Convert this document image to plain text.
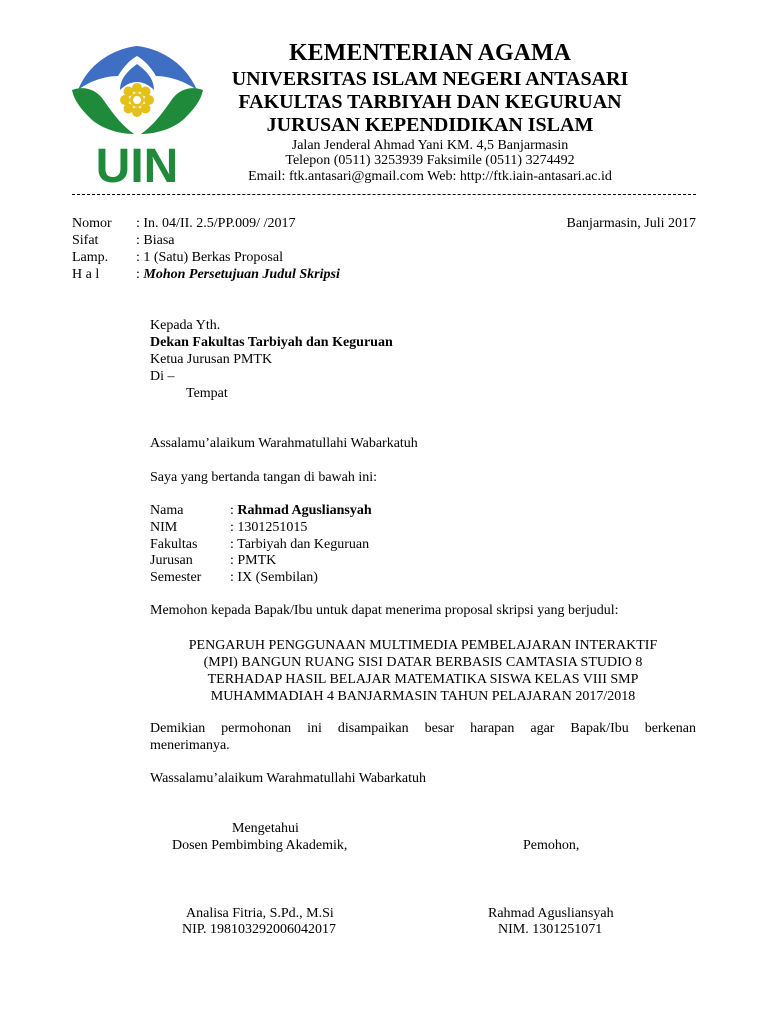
UIN
KEMENTERIAN AGAMA
UNIVERSITAS ISLAM NEGERI ANTASARI
FAKULTAS TARBIYAH DAN KEGURUAN
JURUSAN KEPENDIDIKAN ISLAM
Jalan Jenderal Ahmad Yani KM. 4,5 Banjarmasin
Telepon (0511) 3253939 Faksimile (0511) 3274492
Email: ftk.antasari@gmail.com Web: http://ftk.iain-antasari.ac.id
Nomor : In. 04/II. 2.5/PP.009/ /2017	Banjarmasin, Juli 2017
Sifat	: Biasa
Lamp. : 1 (Satu) Berkas Proposal
H a l	: Mohon Persetujuan Judul Skripsi
Kepada Yth.
Dekan Fakultas Tarbiyah dan Keguruan
Ketua Jurusan PMTK
Di –
Tempat
Assalamu’alaikum Warahmatullahi Wabarkatuh
Saya yang bertanda tangan di bawah ini:
Nama	: Rahmad Agusliansyah
NIM	: 1301251015
Fakultas : Tarbiyah dan Keguruan
Jurusan	: PMTK
Semester : IX (Sembilan)
Memohon kepada Bapak/Ibu untuk dapat menerima proposal skripsi yang berjudul:
PENGARUH PENGGUNAAN MULTIMEDIA PEMBELAJARAN INTERAKTIF
(MPI) BANGUN RUANG SISI DATAR BERBASIS CAMTASIA STUDIO 8
TERHADAP HASIL BELAJAR MATEMATIKA SISWA KELAS VIII SMP
MUHAMMADIAH 4 BANJARMASIN TAHUN PELAJARAN 2017/2018
Demikian permohonan ini disampaikan besar harapan agar Bapak/Ibu berkenan
menerimanya.
Wassalamu’alaikum Warahmatullahi Wabarkatuh
Mengetahui
Dosen Pembimbing Akademik,	Pemohon,
Analisa Fitria, S.Pd., M.Si
NIP. 198103292006042017
Rahmad Agusliansyah
NIM. 1301251071
